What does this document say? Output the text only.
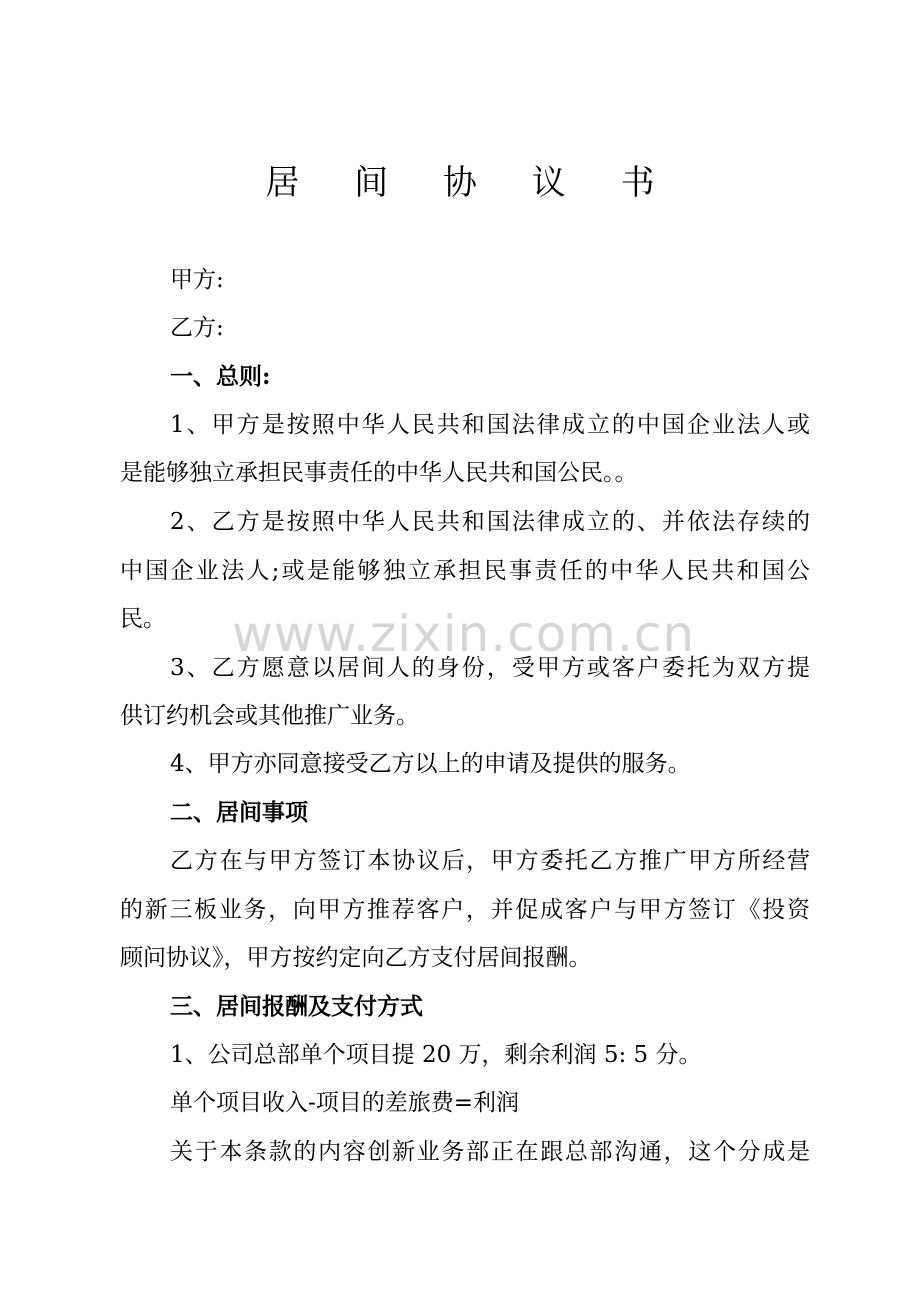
www.zixin.com.cn
居 间 协 议 书
甲方:
乙方:
一、总则:
1、甲方是按照中华人民共和国法律成立的中国企业法人或
是能够独立承担民事责任的中华人民共和国公民。。
2、乙方是按照中华人民共和国法律成立的、并依法存续的
中国企业法人;或是能够独立承担民事责任的中华人民共和国公
民。
3、乙方愿意以居间人的身份，受甲方或客户委托为双方提
供订约机会或其他推广业务。
4、甲方亦同意接受乙方以上的申请及提供的服务。
二、居间事项
乙方在与甲方签订本协议后，甲方委托乙方推广甲方所经营
的新三板业务，向甲方推荐客户，并促成客户与甲方签订《投资
顾问协议》，甲方按约定向乙方支付居间报酬。
三、居间报酬及支付方式
1、公司总部单个项目提 20 万，剩余利润 5: 5 分。
单个项目收入-项目的差旅费=利润
关于本条款的内容创新业务部正在跟总部沟通，这个分成是
